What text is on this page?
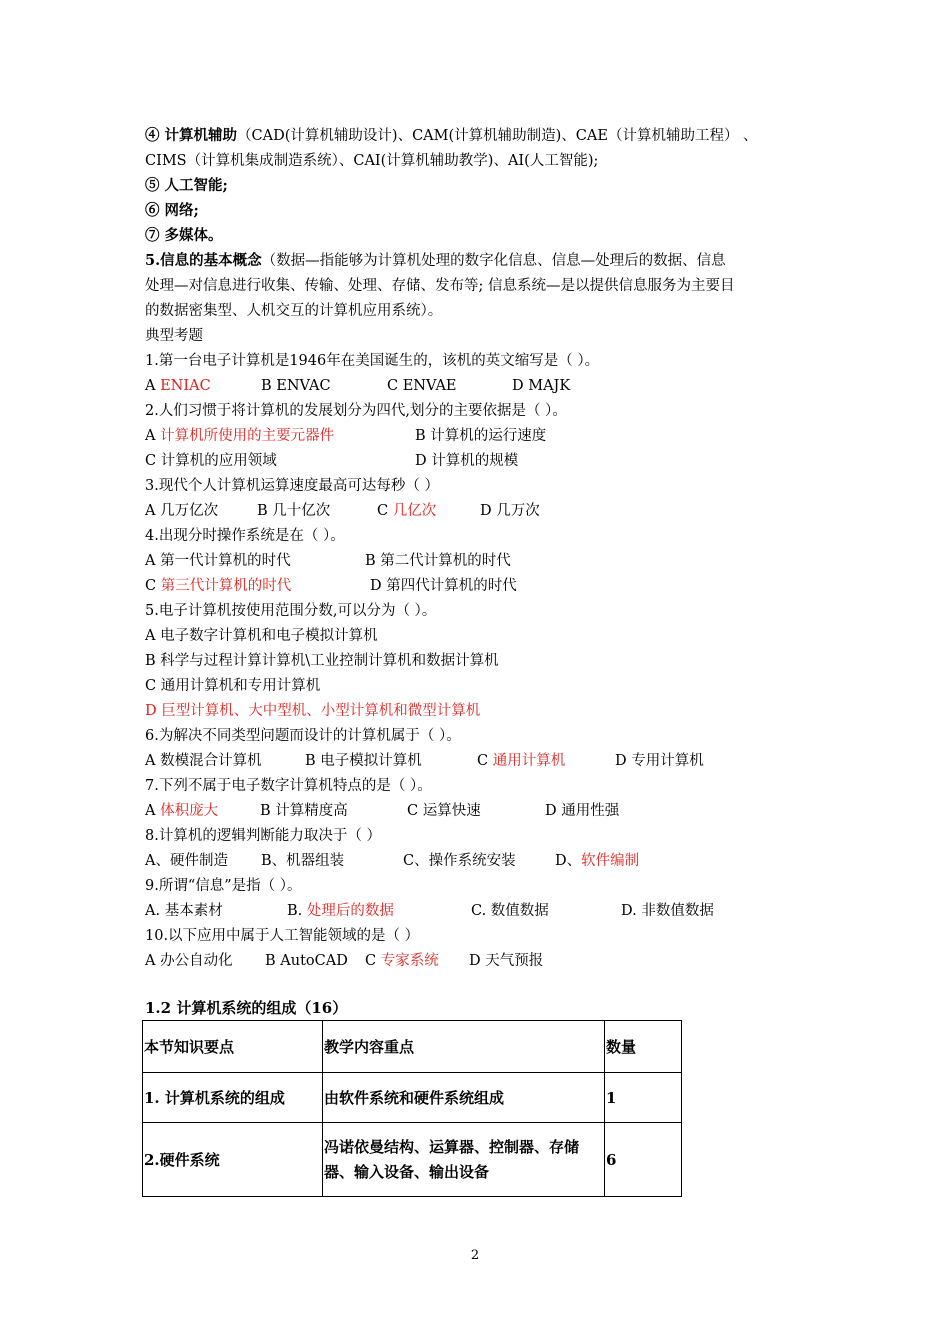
④ 计算机辅助（CAD(计算机辅助设计)、CAM(计算机辅助制造)、CAE（计算机辅助工程） 、
CIMS（计算机集成制造系统）、CAI(计算机辅助教学)、AI(人工智能);
⑤ 人工智能;
⑥ 网络;
⑦ 多媒体。
5.信息的基本概念（数据—指能够为计算机处理的数字化信息、信息—处理后的数据、信息
处理—对信息进行收集、传输、处理、存储、发布等; 信息系统—是以提供信息服务为主要目
的数据密集型、人机交互的计算机应用系统）。
典型考题
1.第一台电子计算机是1946年在美国诞生的，该机的英文缩写是（ ）。
A ENIAC	B ENVAC	C ENVAE	D MAJK
2.人们习惯于将计算机的发展划分为四代,划分的主要依据是（ ）。
A 计算机所使用的主要元器件	B 计算机的运行速度
C 计算机的应用领域	D 计算机的规模
3.现代个人计算机运算速度最高可达每秒（ ）
A 几万亿次	B 几十亿次	C 几亿次	D 几万次
4.出现分时操作系统是在（ ）。
A 第一代计算机的时代	B 第二代计算机的时代
C 第三代计算机的时代	D 第四代计算机的时代
5.电子计算机按使用范围分数,可以分为（ ）。
A 电子数字计算机和电子模拟计算机
B 科学与过程计算计算机\工业控制计算机和数据计算机
C 通用计算机和专用计算机
D 巨型计算机、大中型机、小型计算机和微型计算机
6.为解决不同类型问题而设计的计算机属于（ ）。
A 数模混合计算机	B 电子模拟计算机	C 通用计算机	D 专用计算机
7.下列不属于电子数字计算机特点的是（ ）。
A 体积庞大	B 计算精度高	C 运算快速	D 通用性强
8.计算机的逻辑判断能力取决于（ ）
A、硬件制造 B、机器组装	C、操作系统安装	D、软件编制
9.所谓“信息”是指（ ）。
A. 基本素材	B. 处理后的数据	C. 数值数据	D. 非数值数据
10.以下应用中属于人工智能领域的是（ ）
A 办公自动化 B AutoCAD C 专家系统 D 天气预报
1.2 计算机系统的组成（16）
本节知识要点	教学内容重点	数量
1. 计算机系统的组成	由软件系统和硬件系统组成	1
2.硬件系统	冯诺依曼结构、运算器、控制器、存储器、输入设备、输出设备	6
2
